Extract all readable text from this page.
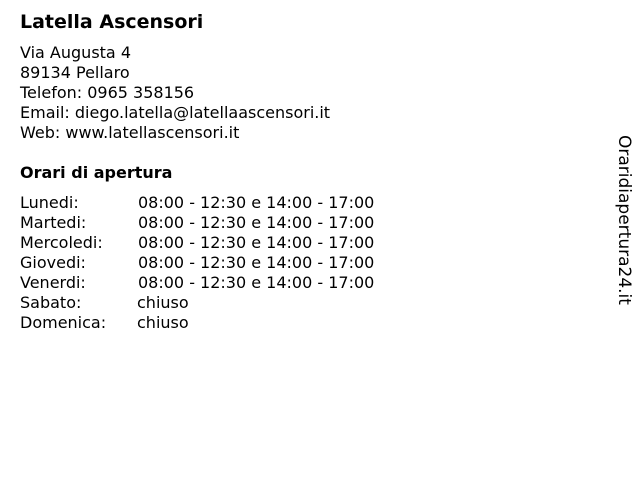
Latella Ascensori
Via Augusta 4
89134 Pellaro
Telefon: 0965 358156
Email: diego.latella@latellaascensori.it
Web: www.latellascensori.it
Orari di apertura
Lunedi:	08:00 - 12:30 e 14:00 - 17:00
Martedi:	08:00 - 12:30 e 14:00 - 17:00
Mercoledi: 08:00 - 12:30 e 14:00 - 17:00
Giovedi:	08:00 - 12:30 e 14:00 - 17:00
Venerdi:	08:00 - 12:30 e 14:00 - 17:00
Sabato:	chiuso
Domenica: chiuso
Oraridiapertura24.it
